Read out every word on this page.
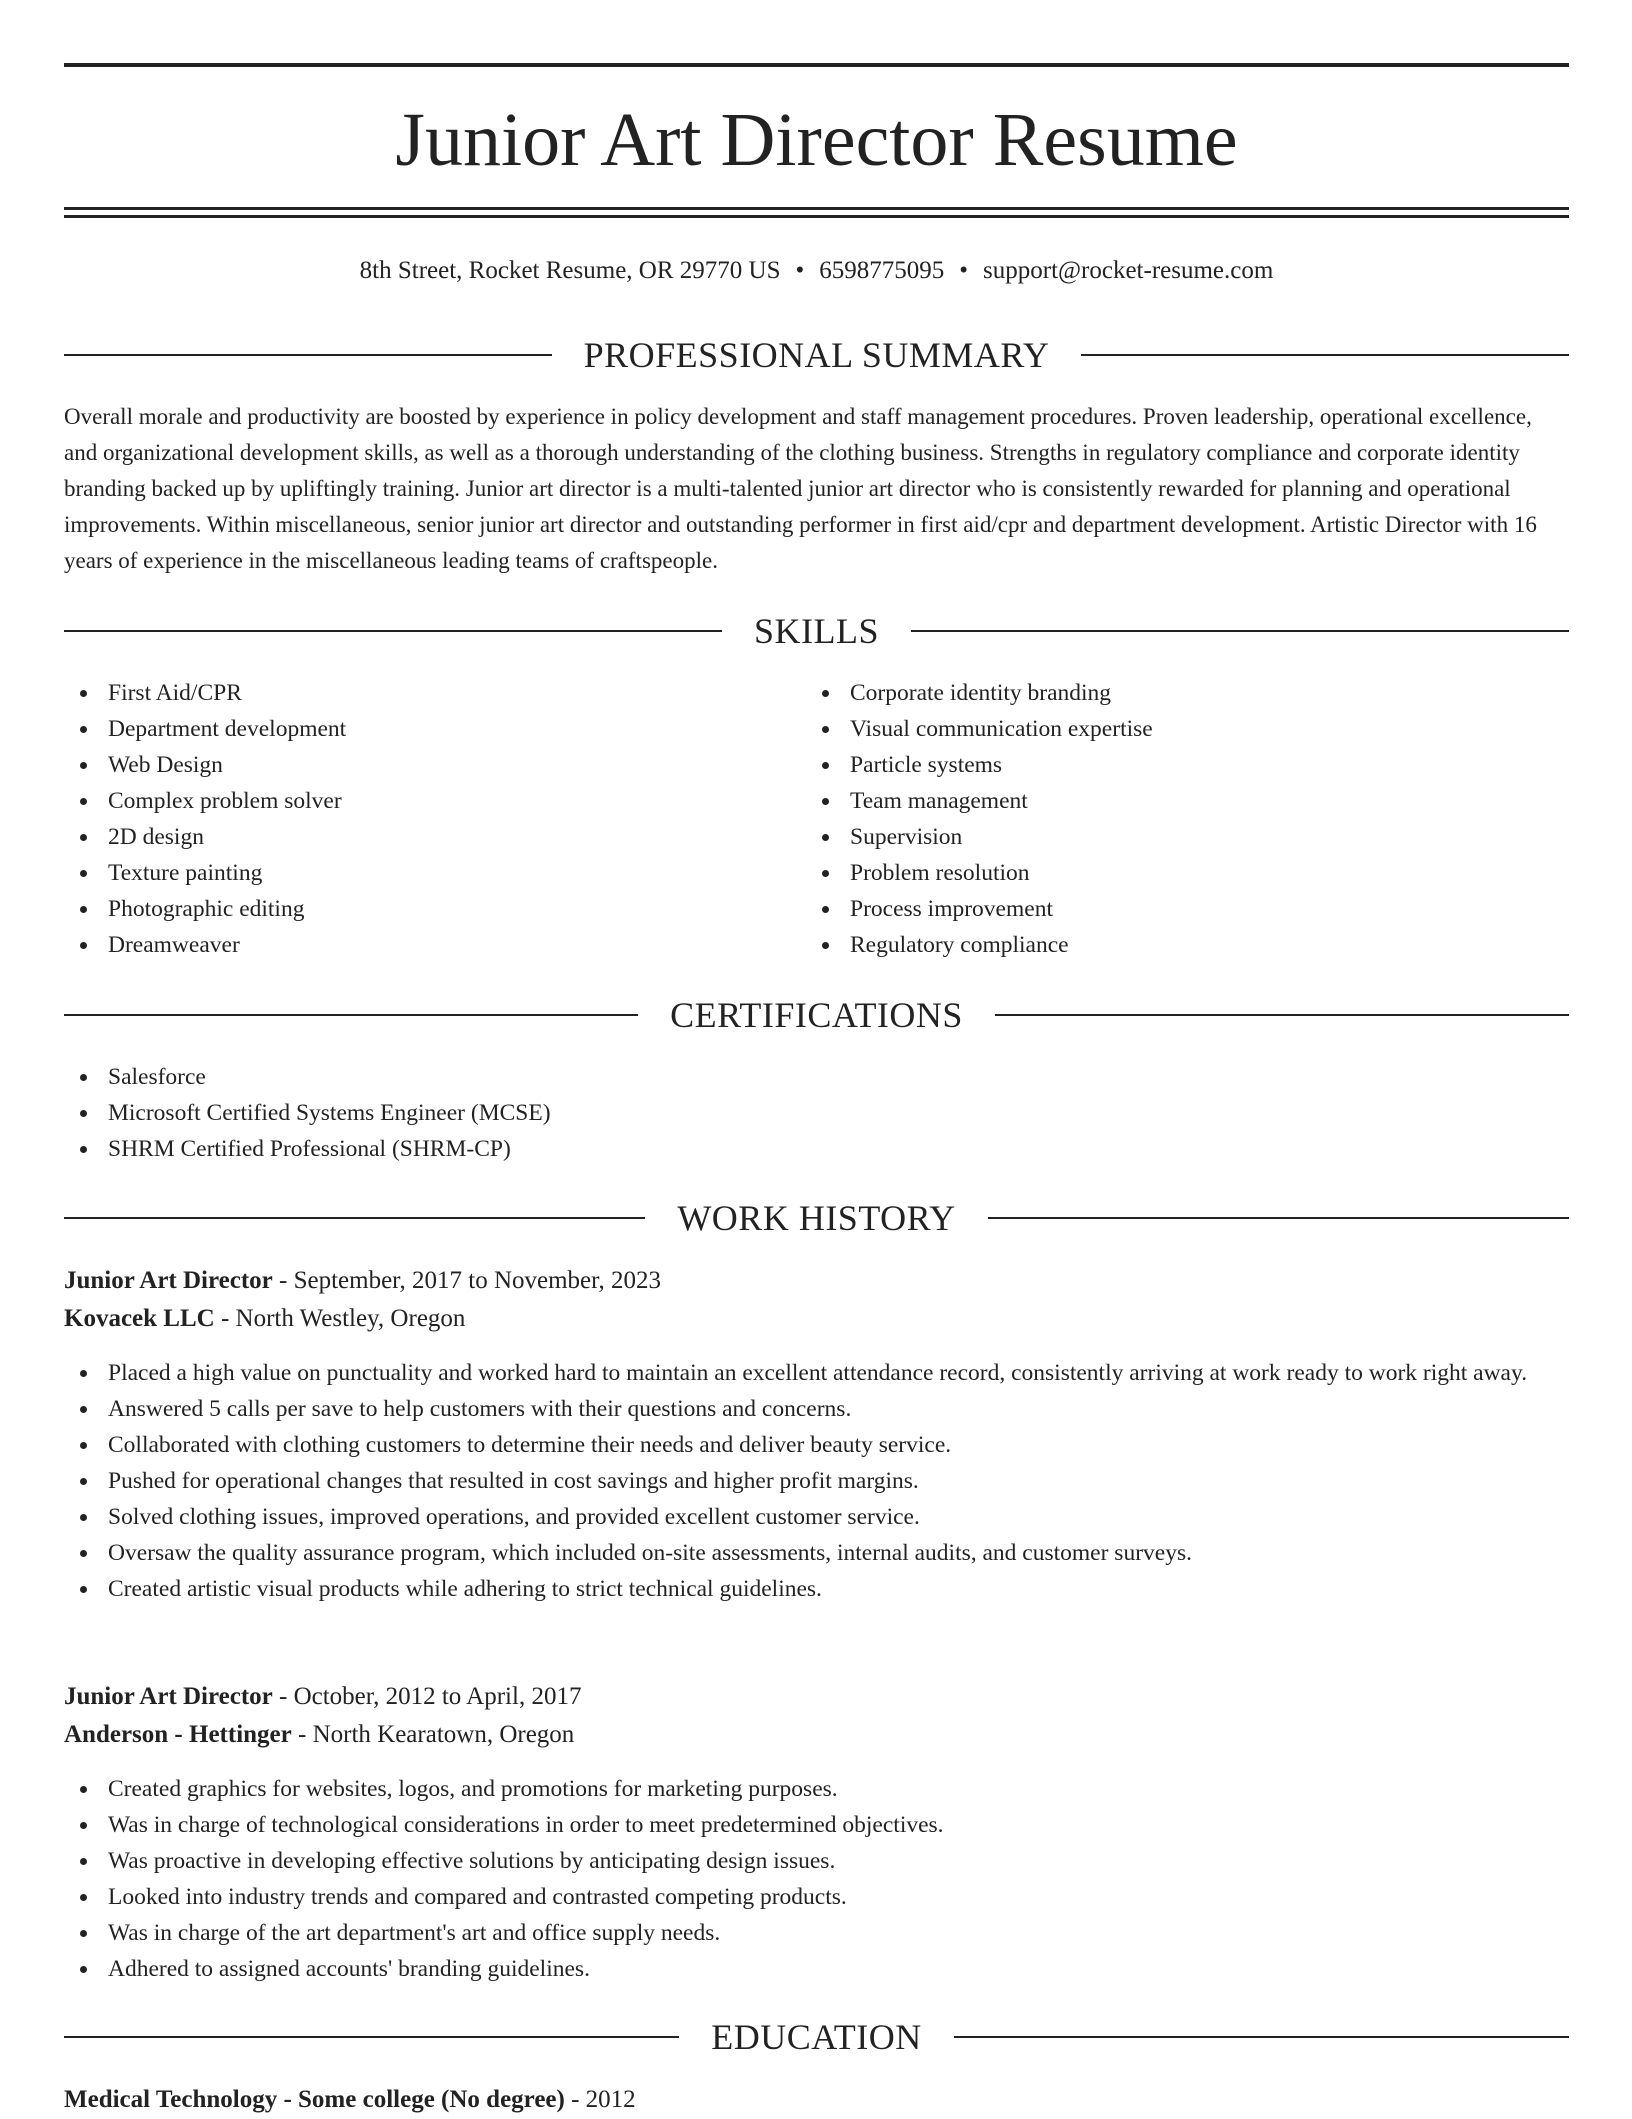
Junior Art Director Resume
8th Street, Rocket Resume, OR 29770 US • 6598775095 • support@rocket-resume.com
PROFESSIONAL SUMMARY

Overall morale and productivity are boosted by experience in policy development and staff management procedures. Proven leadership, operational excellence, and organizational development skills, as well as a thorough understanding of the clothing business. Strengths in regulatory compliance and corporate identity branding backed up by upliftingly training. Junior art director is a multi-talented junior art director who is consistently rewarded for planning and operational improvements. Within miscellaneous, senior junior art director and outstanding performer in first aid/cpr and department development. Artistic Director with 16 years of experience in the miscellaneous leading teams of craftspeople.

SKILLS
First Aid/CPR
Department development
Web Design
Complex problem solver
2D design
Texture painting
Photographic editing
Dreamweaver
Corporate identity branding
Visual communication expertise
Particle systems
Team management
Supervision
Problem resolution
Process improvement
Regulatory compliance
CERTIFICATIONS
Salesforce
Microsoft Certified Systems Engineer (MCSE)
SHRM Certified Professional (SHRM-CP)
WORK HISTORY
Junior Art Director - September, 2017 to November, 2023
Kovacek LLC - North Westley, Oregon
Placed a high value on punctuality and worked hard to maintain an excellent attendance record, consistently arriving at work ready to work right away.
Answered 5 calls per save to help customers with their questions and concerns.
Collaborated with clothing customers to determine their needs and deliver beauty service.
Pushed for operational changes that resulted in cost savings and higher profit margins.
Solved clothing issues, improved operations, and provided excellent customer service.
Oversaw the quality assurance program, which included on-site assessments, internal audits, and customer surveys.
Created artistic visual products while adhering to strict technical guidelines.
Junior Art Director - October, 2012 to April, 2017
Anderson - Hettinger - North Kearatown, Oregon
Created graphics for websites, logos, and promotions for marketing purposes.
Was in charge of technological considerations in order to meet predetermined objectives.
Was proactive in developing effective solutions by anticipating design issues.
Looked into industry trends and compared and contrasted competing products.
Was in charge of the art department's art and office supply needs.
Adhered to assigned accounts' branding guidelines.
EDUCATION
Medical Technology - Some college (No degree) - 2012
